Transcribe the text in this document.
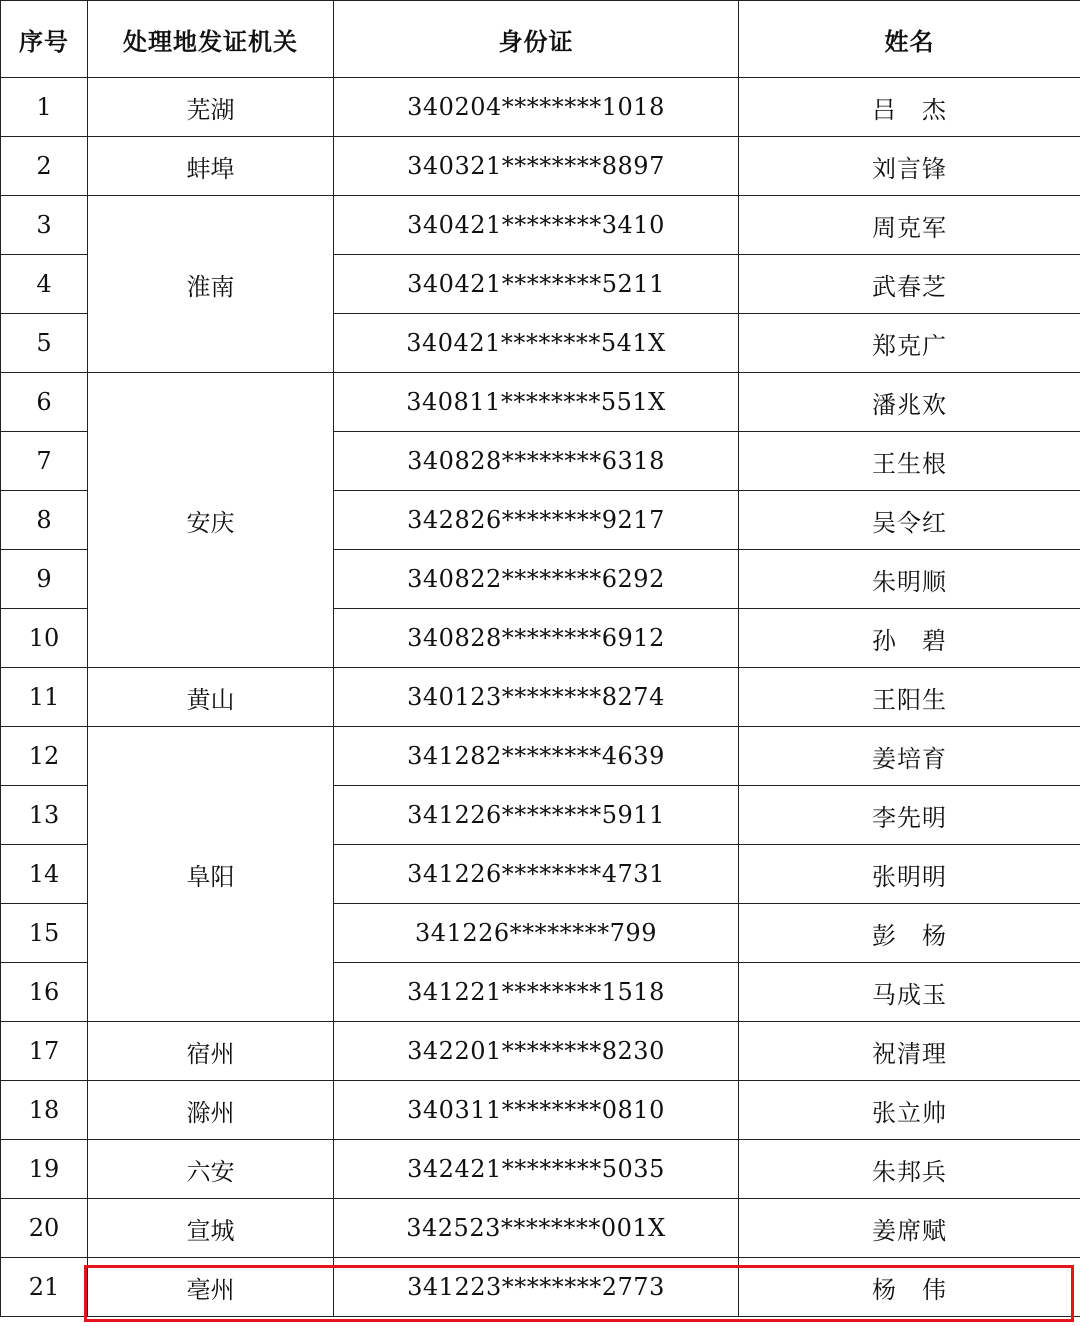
序号	处理地发证机关	身份证	姓名
1	芜湖	340204********1018	吕　杰
2	蚌埠	340321********8897	刘言锋
3	淮南	340421********3410	周克军
4		340421********5211	武春芝
5		340421********541X	郑克广
6	安庆	340811********551X	潘兆欢
7		340828********6318	王生根
8		342826********9217	吴令红
9		340822********6292	朱明顺
10		340828********6912	孙　碧
11	黄山	340123********8274	王阳生
12	阜阳	341282********4639	姜培育
13		341226********5911	李先明
14		341226********4731	张明明
15		341226********799	彭　杨
16		341221********1518	马成玉
17	宿州	342201********8230	祝清理
18	滁州	340311********0810	张立帅
19	六安	342421********5035	朱邦兵
20	宣城	342523********001X	姜席赋
21	亳州	341223********2773	杨　伟
